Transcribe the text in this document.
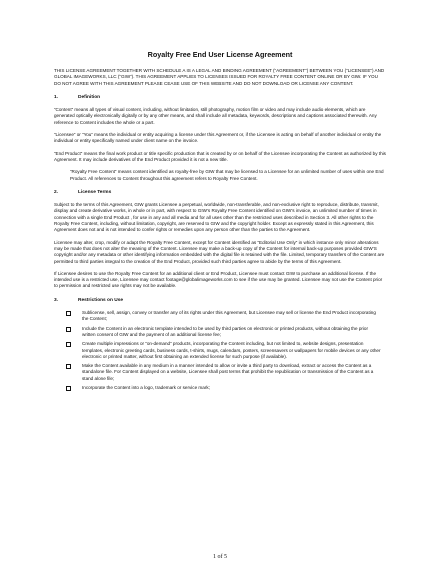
Royalty Free End User License Agreement

THIS LICENSE AGREEMENT TOGETHER WITH SCHEDULE A IS A LEGAL AND BINDING AGREEMENT (“AGREEMENT”) BETWEEN YOU (“LICENSEE”) AND GLOBAL IMAGEWORKS, LLC (“GIW”). THIS AGREEMENT APPLIES TO LICENSES ISSUED FOR ROYALTY FREE CONTENT ONLINE OR BY GIW. IF YOU DO NOT AGREE WITH THIS AGREEMENT PLEASE CEASE USE OF THIS WEBSITE AND DO NOT DOWNLOAD OR LICENSE ANY CONTENT.

1.	Definition

“Content” means all types of visual content, including, without limitation, still photography, motion film or video and may include audio elements, which are generated optically electronically digitally or by any other means, and shall include all metadata, keywords, descriptions and captions associated therewith. Any reference to Content includes the whole or a part.

“Licensee” or “You” means the individual or entity acquiring a license under this Agreement or, if the Licensee is acting on behalf of another individual or entity the individual or entity specifically named under client name on the invoice.

“End Product” means the final work product or title specific production that is created by or on behalf of the Licensee incorporating the Content as authorized by this Agreement. It may include derivatives of the End Product provided it is not a new title.

“Royalty Free Content” means content identified as royalty-free by GIW that may be licensed to a Licensee for an unlimited number of uses within one End Product. All references to Content throughout this agreement refers to Royalty Free Content.

2.	License Terms

Subject to the terms of this Agreement, GIW grants Licensee a perpetual, worldwide, non-transferable, and non-exclusive right to reproduce, distribute, transmit, display and create derivative works, in whole or in part, with respect to GIW’s Royalty Free Content identified on GIW’s invoice, an unlimited number of times in connection with a single End Product , for use in any and all media and for all uses other than the restricted uses described in Section 3. All other rights to the Royalty Free Content, including, without limitation, copyright, are reserved to GIW and the copyright holder. Except as expressly stated in this Agreement, this Agreement does not and is not intended to confer rights or remedies upon any person other than the parties to the Agreement.

Licensee may alter, crop, modify or adapt the Royalty Free Content, except for Content identified as “Editorial Use Only” in which instance only minor alterations may be made that does not alter the meaning of the Content. Licensee may make a back-up copy of the Content for internal back-up purposes provided GIW’S copyright and/or any metadata or other identifying information embedded with the digital file is retained with the file. Limited, temporary transfers of the Content are permitted to third parties integral to the creation of the End Product, provided such third parties agree to abide by the terms of this Agreement.

If Licensee desires to use the Royalty Free Content for an additional client or End Product, Licensee must contact GIW to purchase an additional license. If the intended use is a restricted use, Licensee may contact footage@globalimageworks.com to see if the use may be granted. Licensee may not use the Content prior to permission and restricted use rights may not be available.

3.	Restrictions on Use
Sublicense, sell, assign, convey or transfer any of its rights under this Agreement, but Licensee may sell or license the End Product incorporating the Content;
Include the Content in an electronic template intended to be used by third parties on electronic or printed products, without obtaining the prior written consent of GIW and the payment of an additional license fee;
Create multiple impressions or “on-demand” products, incorporating the Content including, but not limited to, website designs, presentation templates, electronic greeting cards, business cards, t-shirts, mugs, calendars, posters, screensavers or wallpapers for mobile devices or any other electronic or printed matter, without first obtaining an extended license for such purpose (if available).
Make the Content available in any medium in a manner intended to allow or invite a third party to download, extract or access the Content as a standalone file. For Content displayed on a website, Licensee shall post terms that prohibit the republication or transmission of the Content as a stand alone file;
Incorporate the Content into a logo, trademark or service mark;
1 of 5
